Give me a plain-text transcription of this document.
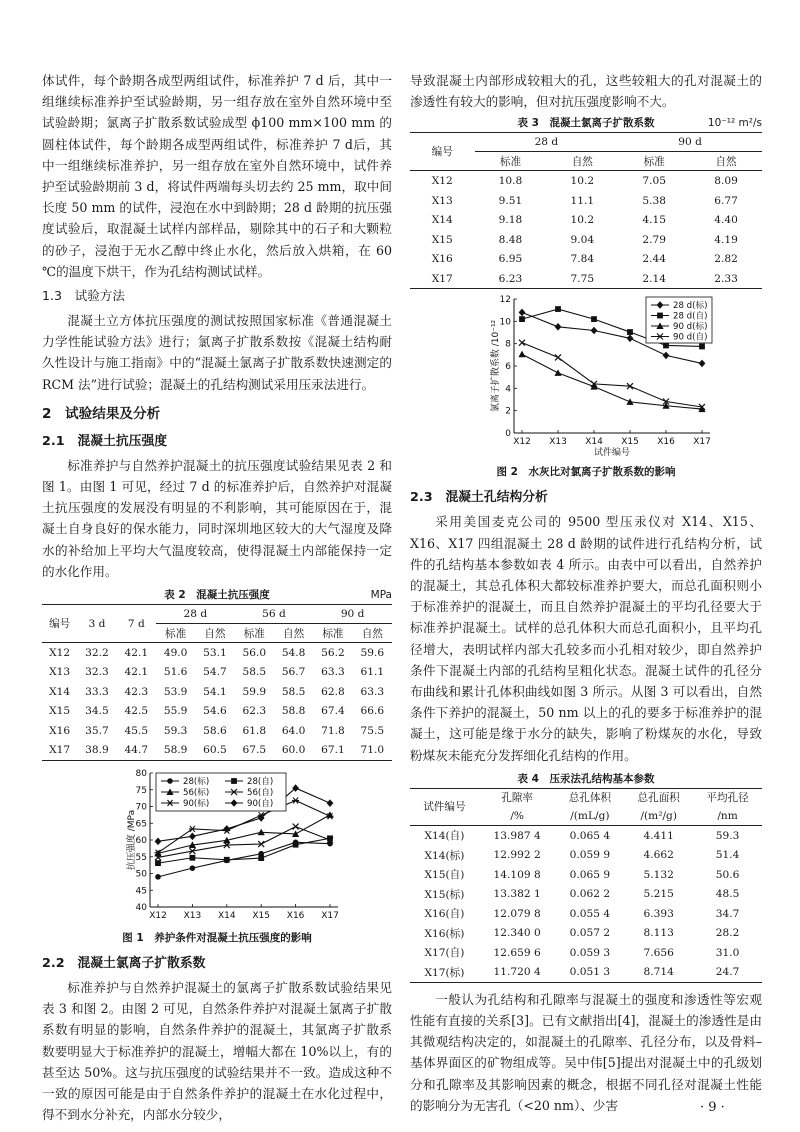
体试件，每个龄期各成型两组试件，标准养护 7 d 后，其中一组继续标准养护至试验龄期，另一组存放在室外自然环境中至试验龄期；氯离子扩散系数试验成型 ϕ100 mm×100 mm 的圆柱体试件，每个龄期各成型两组试件，标准养护 7 d后，其中一组继续标准养护，另一组存放在室外自然环境中，试件养护至试验龄期前 3 d，将试件两端每头切去约 25 mm，取中间长度 50 mm 的试件，浸泡在水中到龄期；28 d 龄期的抗压强度试验后，取混凝土试样内部样品，剔除其中的石子和大颗粒的砂子，浸泡于无水乙醇中终止水化，然后放入烘箱，在 60 ℃的温度下烘干，作为孔结构测试试样。

1.3　试验方法

混凝土立方体抗压强度的测试按照国家标准《普通混凝土力学性能试验方法》进行；氯离子扩散系数按《混凝土结构耐久性设计与施工指南》中的“混凝土氯离子扩散系数快速测定的 RCM 法”进行试验；混凝土的孔结构测试采用压汞法进行。

2　试验结果及分析
2.1　混凝土抗压强度

标准养护与自然养护混凝土的抗压强度试验结果见表 2 和图 1。由图 1 可见，经过 7 d 的标准养护后，自然养护对混凝土抗压强度的发展没有明显的不利影响，其可能原因在于，混凝土自身良好的保水能力，同时深圳地区较大的大气湿度及降水的补给加上平均大气温度较高，使得混凝土内部能保持一定的水化作用。

表 2　混凝土抗压强度	MPa
编号	3 d	7 d	28 d		56 d		90 d	
			标准	自然	标准	自然	标准	自然
X12	32.2	42.1	49.0	53.1	56.0	54.8	56.2	59.6
X13	32.3	42.1	51.6	54.7	58.5	56.7	63.3	61.1
X14	33.3	42.3	53.9	54.1	59.9	58.5	62.8	63.3
X15	34.5	42.5	55.9	54.6	62.3	58.8	67.4	66.6
X16	35.7	45.5	59.3	58.6	61.8	64.0	71.8	75.5
X17	38.9	44.7	58.9	60.5	67.5	60.0	67.1	71.0
40
45
50
55
60
65
70
75
80
X12 X13 X14 X15 X16 X17
抗压强度 /MPa
28(标)	28(自)
56(标)	56(自)
90(标)	90(自)
图 1　养护条件对混凝土抗压强度的影响
2.2　混凝土氯离子扩散系数

标准养护与自然养护混凝土的氯离子扩散系数试验结果见表 3 和图 2。由图 2 可见，自然条件养护对混凝土氯离子扩散系数有明显的影响，自然条件养护的混凝土，其氯离子扩散系数要明显大于标准养护的混凝土，增幅大都在 10%以上，有的甚至达 50%。这与抗压强度的试验结果并不一致。造成这种不一致的原因可能是由于自然条件养护的混凝土在水化过程中，得不到水分补充，内部水分较少，

导致混凝土内部形成较粗大的孔，这些较粗大的孔对混凝土的渗透性有较大的影响，但对抗压强度影响不大。

表 3　混凝土氯离子扩散系数	10⁻¹² m²/s
编号	28 d		90 d	
	标准	自然	标准	自然
X12	10.8	10.2	7.05	8.09
X13	9.51	11.1	5.38	6.77
X14	9.18	10.2	4.15	4.40
X15	8.48	9.04	2.79	4.19
X16	6.95	7.84	2.44	2.82
X17	6.23	7.75	2.14	2.33
0
2
4
6
8
10
12
X12 X13 X14 X15 X16 X17
氯离子扩散系数 /10⁻¹²
试件编号
28 d(标)
28 d(自)
90 d(标)
90 d(自)
图 2　水灰比对氯离子扩散系数的影响
2.3　混凝土孔结构分析

采用美国麦克公司的 9500 型压汞仪对 X14、X15、X16、X17 四组混凝土 28 d 龄期的试件进行孔结构分析，试件的孔结构基本参数如表 4 所示。由表中可以看出，自然养护的混凝土，其总孔体积大都较标准养护要大，而总孔面积则小于标准养护的混凝土，而且自然养护混凝土的平均孔径要大于标准养护混凝土。试样的总孔体积大而总孔面积小，且平均孔径增大，表明试样内部大孔较多而小孔相对较少，即自然养护条件下混凝土内部的孔结构呈粗化状态。混凝土试件的孔径分布曲线和累计孔体积曲线如图 3 所示。从图 3 可以看出，自然条件下养护的混凝土，50 nm 以上的孔的要多于标准养护的混凝土，这可能是缘于水分的缺失，影响了粉煤灰的水化，导致粉煤灰未能充分发挥细化孔结构的作用。

表 4　压汞法孔结构基本参数
试件编号	孔隙率	总孔体积	总孔面积	平均孔径
	/%	/(mL/g)	/(m²/g)	/nm
X14(自)	13.987 4	0.065 4	4.411	59.3
X14(标)	12.992 2	0.059 9	4.662	51.4
X15(自)	14.109 8	0.065 9	5.132	50.6
X15(标)	13.382 1	0.062 2	5.215	48.5
X16(自)	12.079 8	0.055 4	6.393	34.7
X16(标)	12.340 0	0.057 2	8.113	28.2
X17(自)	12.659 6	0.059 3	7.656	31.0
X17(标)	11.720 4	0.051 3	8.714	24.7

一般认为孔结构和孔隙率与混凝土的强度和渗透性等宏观性能有直接的关系[3]。已有文献指出[4]，混凝土的渗透性是由其微观结构决定的，如混凝土的孔隙率、孔径分布，以及骨料–基体界面区的矿物组成等。吴中伟[5]提出对混凝土中的孔级划分和孔隙率及其影响因素的概念，根据不同孔径对混凝土性能的影响分为无害孔（<20 nm）、少害	· 9 ·
